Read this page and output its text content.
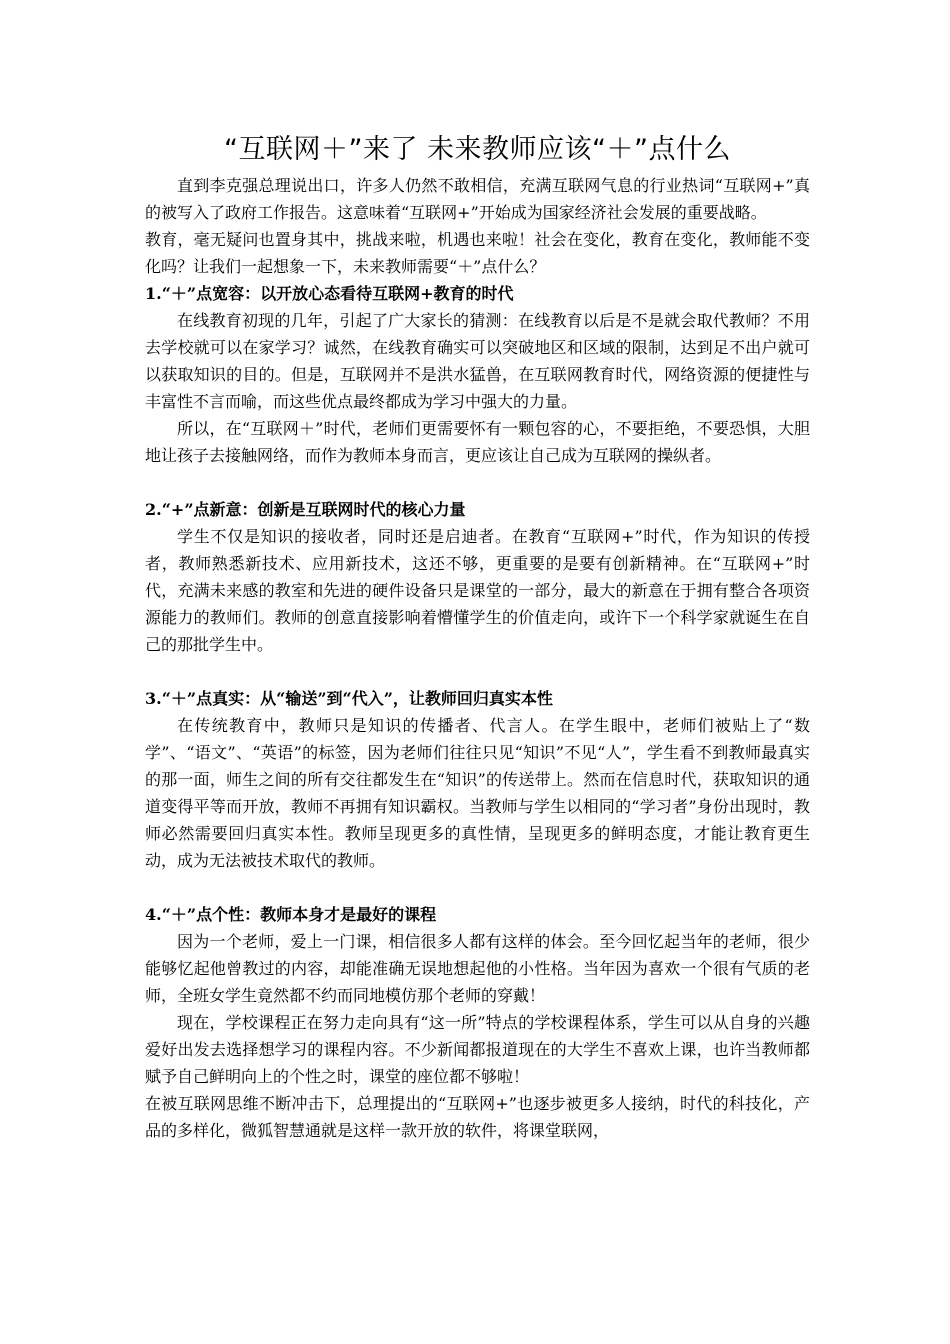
“互联网＋”来了 未来教师应该“＋”点什么

直到李克强总理说出口，许多人仍然不敢相信，充满互联网气息的行业热词“互联网+”真的被写入了政府工作报告。这意味着“互联网+”开始成为国家经济社会发展的重要战略。

教育，毫无疑问也置身其中，挑战来啦，机遇也来啦！社会在变化，教育在变化，教师能不变化吗？让我们一起想象一下，未来教师需要“＋”点什么？

1.“＋”点宽容：以开放心态看待互联网+教育的时代

在线教育初现的几年，引起了广大家长的猜测：在线教育以后是不是就会取代教师？不用去学校就可以在家学习？诚然，在线教育确实可以突破地区和区域的限制，达到足不出户就可以获取知识的目的。但是，互联网并不是洪水猛兽，在互联网教育时代，网络资源的便捷性与丰富性不言而喻，而这些优点最终都成为学习中强大的力量。

所以，在“互联网＋”时代，老师们更需要怀有一颗包容的心，不要拒绝，不要恐惧，大胆地让孩子去接触网络，而作为教师本身而言，更应该让自己成为互联网的操纵者。

2.“+”点新意：创新是互联网时代的核心力量

学生不仅是知识的接收者，同时还是启迪者。在教育“互联网+”时代，作为知识的传授者，教师熟悉新技术、应用新技术，这还不够，更重要的是要有创新精神。在“互联网+”时代，充满未来感的教室和先进的硬件设备只是课堂的一部分，最大的新意在于拥有整合各项资源能力的教师们。教师的创意直接影响着懵懂学生的价值走向，或许下一个科学家就诞生在自己的那批学生中。

3.“＋”点真实：从“输送”到“代入”，让教师回归真实本性

在传统教育中，教师只是知识的传播者、代言人。在学生眼中，老师们被贴上了“数学”、“语文”、“英语”的标签，因为老师们往往只见“知识”不见“人”，学生看不到教师最真实的那一面，师生之间的所有交往都发生在“知识”的传送带上。然而在信息时代，获取知识的通道变得平等而开放，教师不再拥有知识霸权。当教师与学生以相同的“学习者”身份出现时，教师必然需要回归真实本性。教师呈现更多的真性情，呈现更多的鲜明态度，才能让教育更生动，成为无法被技术取代的教师。

4.“＋”点个性：教师本身才是最好的课程

因为一个老师，爱上一门课，相信很多人都有这样的体会。至今回忆起当年的老师，很少能够忆起他曾教过的内容，却能准确无误地想起他的小性格。当年因为喜欢一个很有气质的老师，全班女学生竟然都不约而同地模仿那个老师的穿戴！

现在，学校课程正在努力走向具有“这一所”特点的学校课程体系，学生可以从自身的兴趣爱好出发去选择想学习的课程内容。不少新闻都报道现在的大学生不喜欢上课，也许当教师都赋予自己鲜明向上的个性之时，课堂的座位都不够啦！

在被互联网思维不断冲击下，总理提出的“互联网+”也逐步被更多人接纳，时代的科技化，产品的多样化，微狐智慧通就是这样一款开放的软件，将课堂联网，
